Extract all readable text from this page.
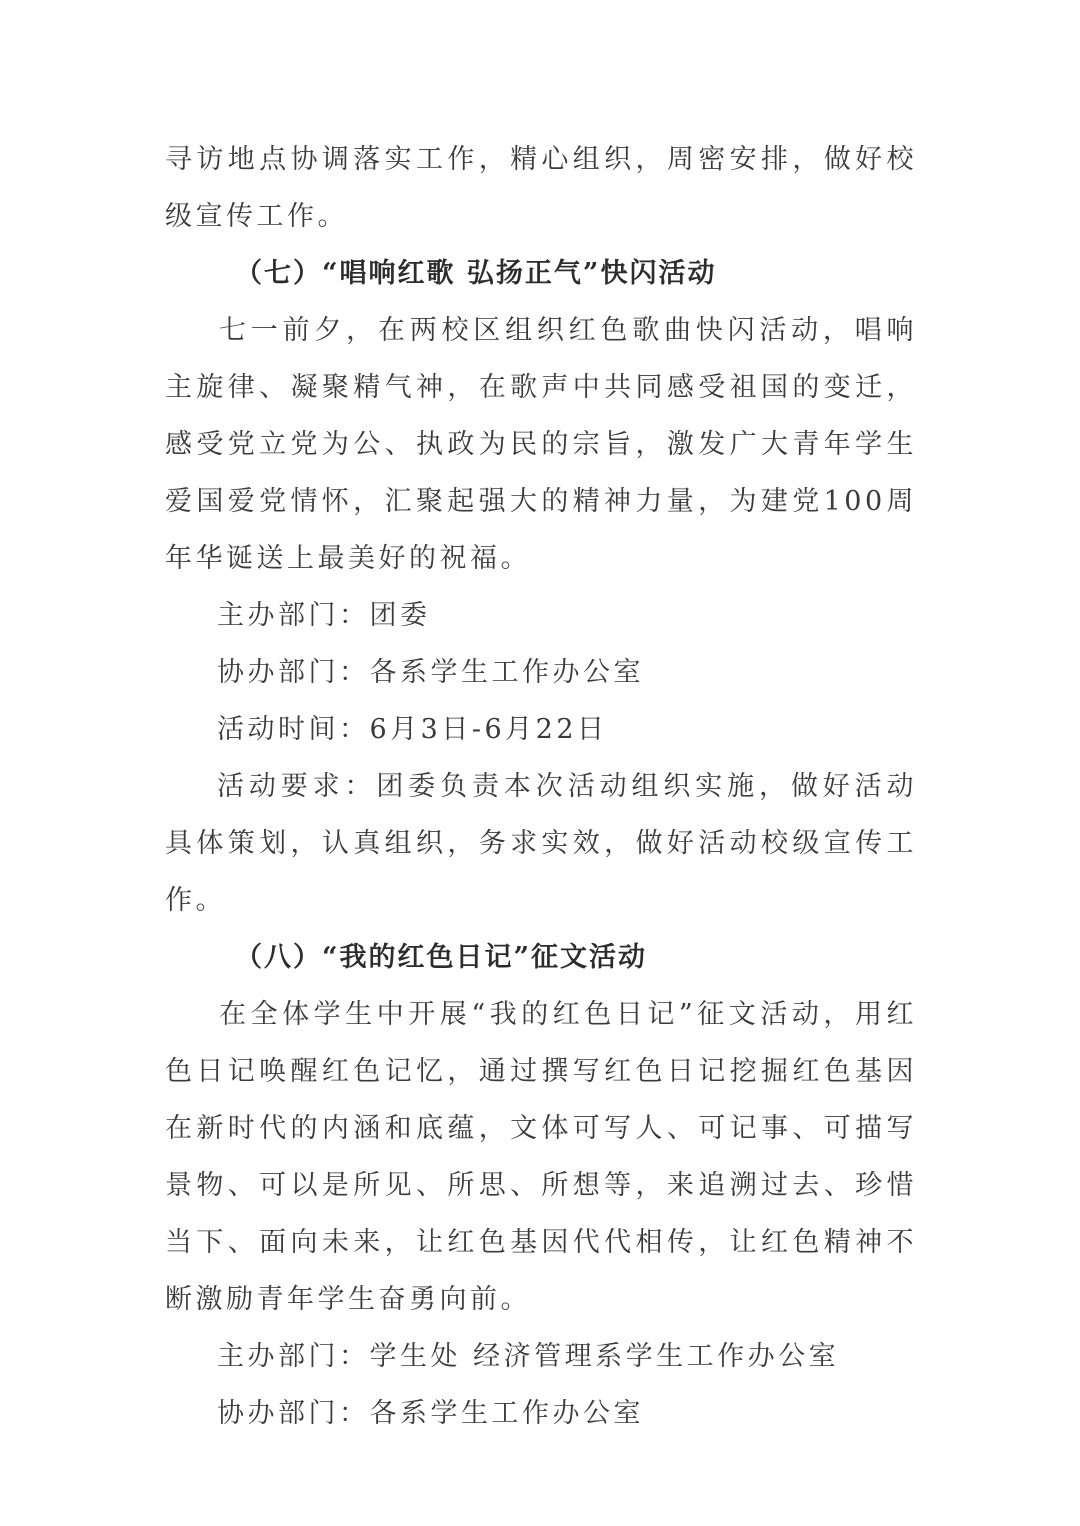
寻访地点协调落实工作，精心组织，周密安排，做好校级宣传工作。

（七）“唱响红歌 弘扬正气”快闪活动

七一前夕，在两校区组织红色歌曲快闪活动，唱响主旋律、凝聚精气神，在歌声中共同感受祖国的变迁，感受党立党为公、执政为民的宗旨，激发广大青年学生爱国爱党情怀，汇聚起强大的精神力量，为建党100周年华诞送上最美好的祝福。

主办部门：团委

协办部门：各系学生工作办公室

活动时间：6月3日-6月22日

活动要求：团委负责本次活动组织实施，做好活动具体策划，认真组织，务求实效，做好活动校级宣传工作。

（八）“我的红色日记”征文活动

在全体学生中开展“我的红色日记”征文活动，用红色日记唤醒红色记忆，通过撰写红色日记挖掘红色基因在新时代的内涵和底蕴，文体可写人、可记事、可描写景物、可以是所见、所思、所想等，来追溯过去、珍惜当下、面向未来，让红色基因代代相传，让红色精神不断激励青年学生奋勇向前。

主办部门：学生处 经济管理系学生工作办公室

协办部门：各系学生工作办公室
